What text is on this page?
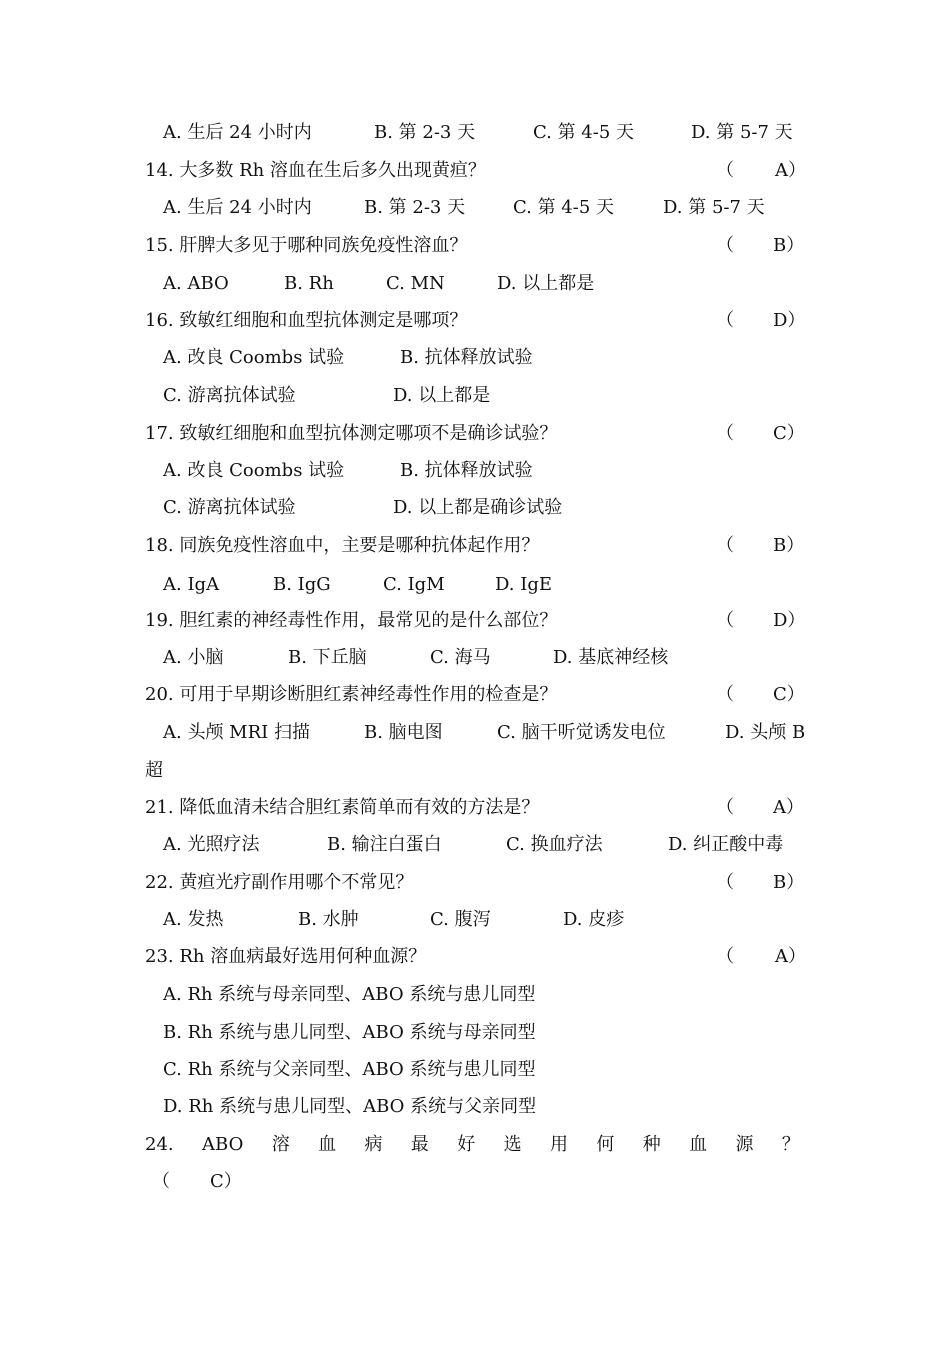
A. 生后 24 小时内	B. 第 2-3 天	C. 第 4-5 天	D. 第 5-7 天
14. 大多数 Rh 溶血在生后多久出现黄疸？	（ A）
A. 生后 24 小时内	B. 第 2-3 天	C. 第 4-5 天	D. 第 5-7 天
15. 肝脾大多见于哪种同族免疫性溶血？	（ B）
A. ABO	B. Rh	C. MN	D. 以上都是
16. 致敏红细胞和血型抗体测定是哪项？	（ D）
A. 改良 Coombs 试验	B. 抗体释放试验
C. 游离抗体试验	D. 以上都是
17. 致敏红细胞和血型抗体测定哪项不是确诊试验？	（ C）
A. 改良 Coombs 试验	B. 抗体释放试验
C. 游离抗体试验	D. 以上都是确诊试验
18. 同族免疫性溶血中，主要是哪种抗体起作用？	（ B）
A. IgA	B. IgG	C. IgM	D. IgE
19. 胆红素的神经毒性作用，最常见的是什么部位？	（ D）
A. 小脑	B. 下丘脑	C. 海马	D. 基底神经核
20. 可用于早期诊断胆红素神经毒性作用的检查是？	（ C）
A. 头颅 MRI 扫描	B. 脑电图	C. 脑干听觉诱发电位	D. 头颅 B
超
21. 降低血清未结合胆红素简单而有效的方法是？	（ A）
A. 光照疗法	B. 输注白蛋白	C. 换血疗法	D. 纠正酸中毒
22. 黄疸光疗副作用哪个不常见？	（ B）
A. 发热	B. 水肿	C. 腹泻	D. 皮疹
23. Rh 溶血病最好选用何种血源？	（ A）
A. Rh 系统与母亲同型、ABO 系统与患儿同型
B. Rh 系统与患儿同型、ABO 系统与母亲同型
C. Rh 系统与父亲同型、ABO 系统与患儿同型
D. Rh 系统与患儿同型、ABO 系统与父亲同型
24. ABO 溶 血 病 最 好 选 用 何 种 血 源 ？
（ C）
